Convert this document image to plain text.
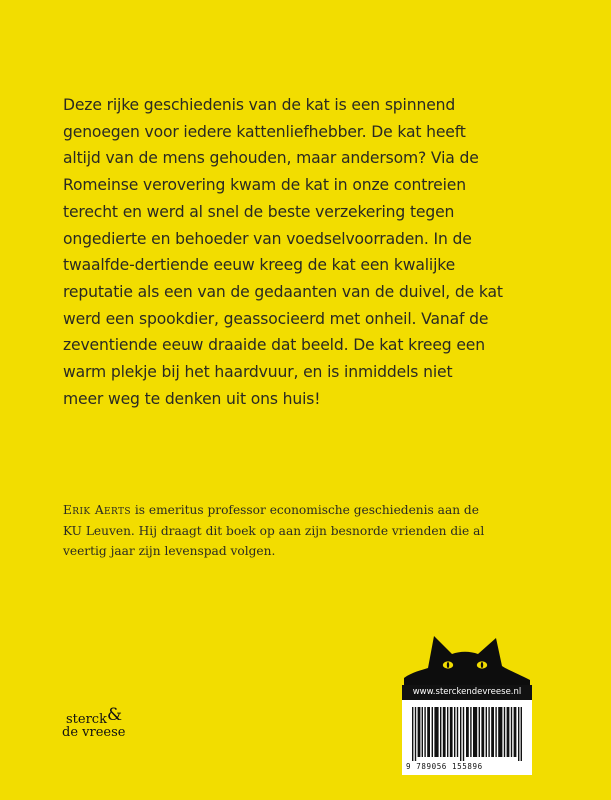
Deze rijke geschiedenis van de kat is een spinnend
genoegen voor iedere kattenliefhebber. De kat heeft
altijd van de mens gehouden, maar andersom? Via de
Romeinse verovering kwam de kat in onze contreien
terecht en werd al snel de beste verzekering tegen
ongedierte en behoeder van voedselvoorraden. In de
twaalfde-dertiende eeuw kreeg de kat een kwalijke
reputatie als een van de gedaanten van de duivel, de kat
werd een spookdier, geassocieerd met onheil. Vanaf de
zeventiende eeuw draaide dat beeld. De kat kreeg een
warm plekje bij het haardvuur, en is inmiddels niet
meer weg te denken uit ons huis!
Erik Aerts is emeritus professor economische geschiedenis aan de
KU Leuven. Hij draagt dit boek op aan zijn besnorde vrienden die al
veertig jaar zijn levenspad volgen.
sterck&
de vreese
www.sterckendevreese.nl
9 789056 155896
